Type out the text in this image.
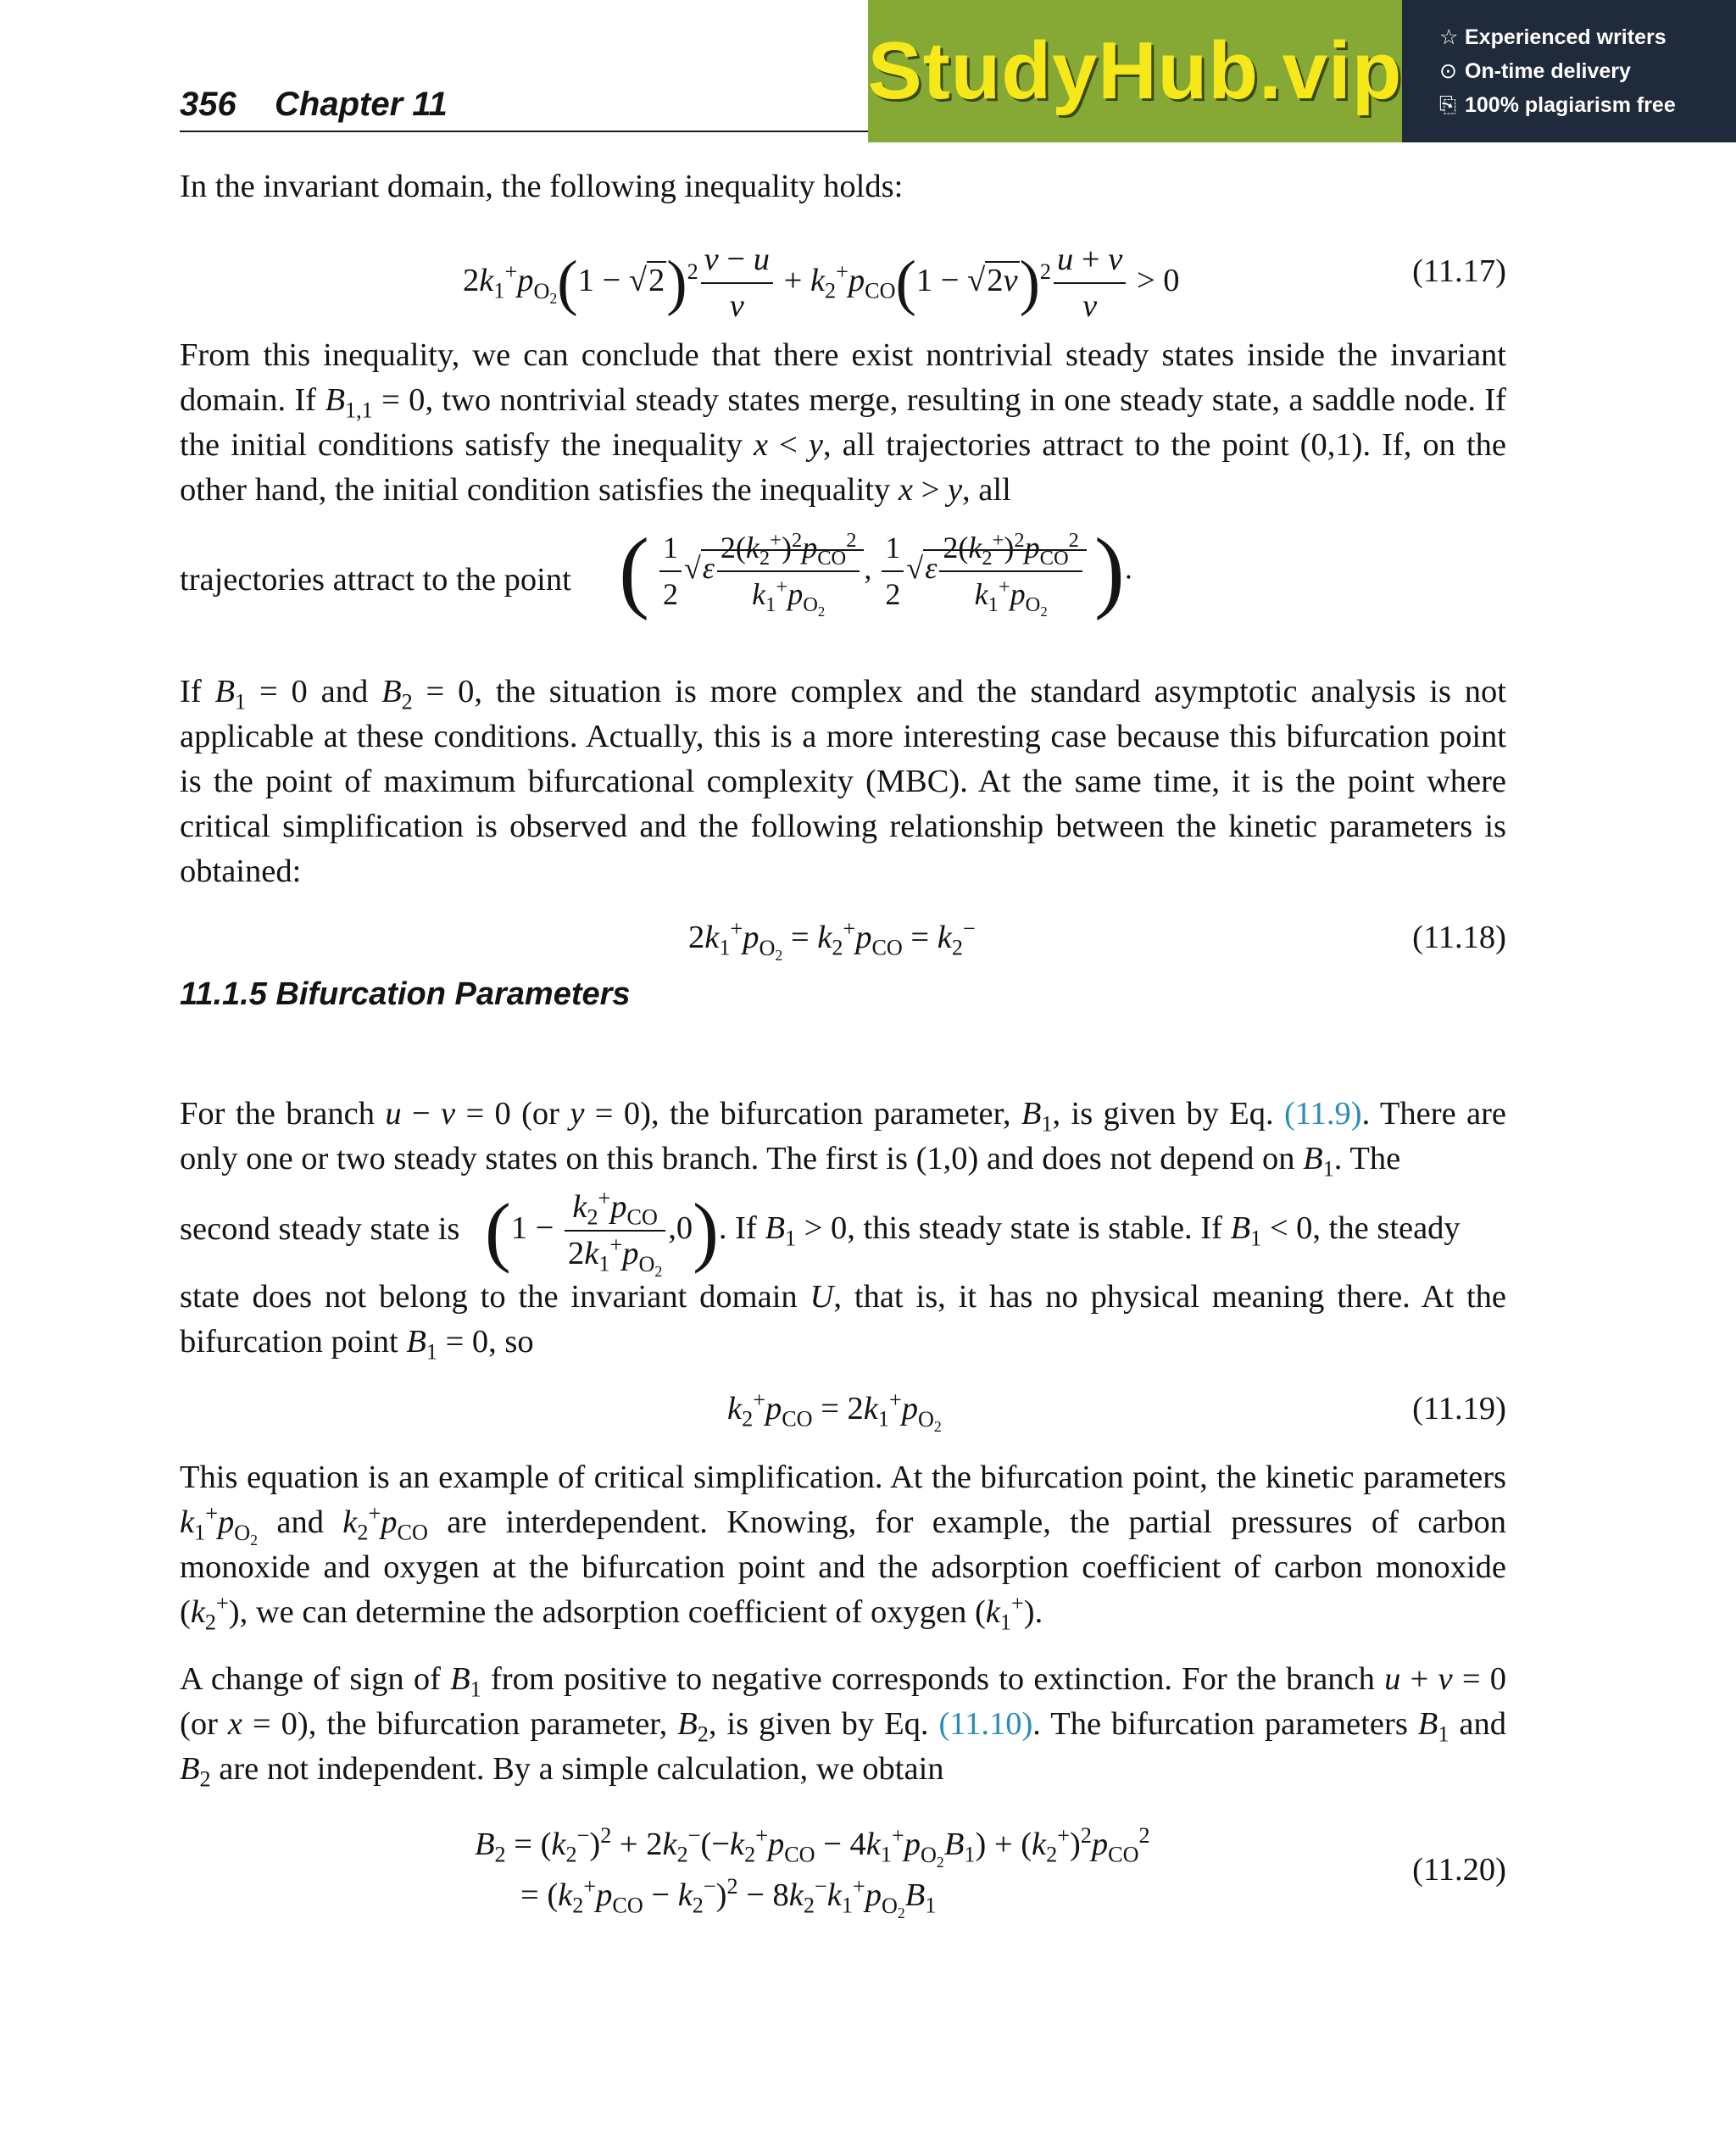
356 Chapter 11	StudyHub.vip ☆ Experienced writers
⊙ On-time delivery
⎘ 100% plagiarism free
In the invariant domain, the following inequality holds:
$2k_1^+p_{O_2}(1 - √2)^2 \frac{v - u}{v} + k_2^+p_{CO}(1 - √2v)^2 \frac{u + v}{v} > 0$	(11.17)
From this inequality, we can conclude that there exist nontrivial steady states inside the invariant domain. If $B_{1,1} = 0$, two nontrivial steady states merge, resulting in one steady state, a saddle node. If the initial conditions satisfy the inequality x < y, all trajectories attract to the point (0,1). If, on the other hand, the initial condition satisfies the inequality x > y, all
trajectories attract to the point ( $\frac{1}{2} √\varepsilon \frac{2(k_2^+)^2p_{CO}^2}{k_1^+p_{O_2}}$ , $\frac{1}{2} √\varepsilon \frac{2(k_2^+)^2p_{CO}^2}{k_1^+p_{O_2}}$ ).
If $B_1 = 0$ and $B_2 = 0$, the situation is more complex and the standard asymptotic analysis is not applicable at these conditions. Actually, this is a more interesting case because this bifurcation point is the point of maximum bifurcational complexity (MBC). At the same time, it is the point where critical simplification is observed and the following relationship between the kinetic parameters is obtained:
$2k_1^+p_{O_2} = k_2^+p_{CO} = k_2^-$	(11.18)
11.1.5 Bifurcation Parameters
For the branch u − v = 0 (or y = 0), the bifurcation parameter, $B_1$, is given by Eq. (11.9). There are only one or two steady states on this branch. The first is (1,0) and does not depend on $B_1$. The
second steady state is $(1 - \frac{k_2^+p_{CO}}{2k_1^+p_{O_2}} ,0)$. If $B_1 > 0$, this steady state is stable. If $B_1 < 0$, the steady
state does not belong to the invariant domain U, that is, it has no physical meaning there. At the bifurcation point $B_1 = 0$, so
$k_2^+p_{CO} = 2k_1^+p_{O_2}$	(11.19)
This equation is an example of critical simplification. At the bifurcation point, the kinetic parameters $k_1^+p_{O_2}$ and $k_2^+p_{CO}$ are interdependent. Knowing, for example, the partial pressures of carbon monoxide and oxygen at the bifurcation point and the adsorption coefficient of carbon monoxide $(k_2^+)$, we can determine the adsorption coefficient of oxygen $(k_1^+)$.
A change of sign of $B_1$ from positive to negative corresponds to extinction. For the branch u + v = 0 (or x = 0), the bifurcation parameter, $B_2$, is given by Eq. (11.10). The bifurcation parameters $B_1$ and $B_2$ are not independent. By a simple calculation, we obtain
$B_2 = (k_2^-)^2 + 2k_2^-(-k_2^+p_{CO} - 4k_1^+p_{O_2}B_1) + (k_2^+)^2p_{CO}^2$
= $(k_2^+p_{CO} - k_2^-)^2 - 8k_2^-k_1^+p_{O_2}B_1$
(11.20)
